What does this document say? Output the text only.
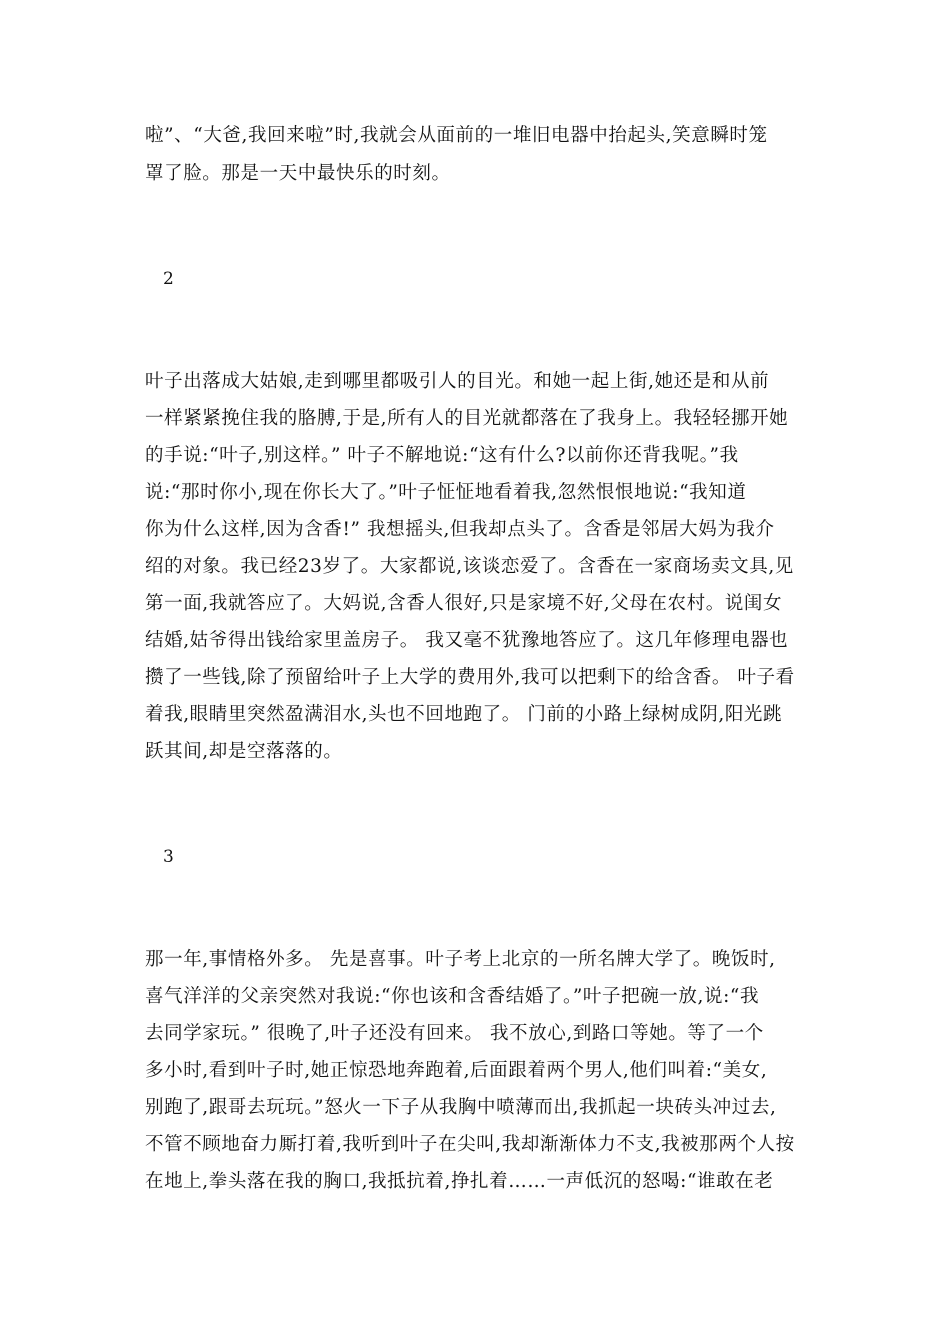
啦”、“大爸,我回来啦”时,我就会从面前的一堆旧电器中抬起头,笑意瞬时笼
罩了脸。那是一天中最快乐的时刻。
2
叶子出落成大姑娘,走到哪里都吸引人的目光。和她一起上街,她还是和从前
一样紧紧挽住我的胳膊,于是,所有人的目光就都落在了我身上。我轻轻挪开她
的手说:“叶子,别这样。” 叶子不解地说:“这有什么?以前你还背我呢。”我
说:“那时你小,现在你长大了。”叶子怔怔地看着我,忽然恨恨地说:“我知道
你为什么这样,因为含香!” 我想摇头,但我却点头了。含香是邻居大妈为我介
绍的对象。我已经23岁了。大家都说,该谈恋爱了。含香在一家商场卖文具,见
第一面,我就答应了。大妈说,含香人很好,只是家境不好,父母在农村。说闺女
结婚,姑爷得出钱给家里盖房子。 我又毫不犹豫地答应了。这几年修理电器也
攒了一些钱,除了预留给叶子上大学的费用外,我可以把剩下的给含香。 叶子看
着我,眼睛里突然盈满泪水,头也不回地跑了。 门前的小路上绿树成阴,阳光跳
跃其间,却是空落落的。
3
那一年,事情格外多。 先是喜事。叶子考上北京的一所名牌大学了。晚饭时,
喜气洋洋的父亲突然对我说:“你也该和含香结婚了。”叶子把碗一放,说:“我
去同学家玩。” 很晚了,叶子还没有回来。 我不放心,到路口等她。等了一个
多小时,看到叶子时,她正惊恐地奔跑着,后面跟着两个男人,他们叫着:“美女,
别跑了,跟哥去玩玩。”怒火一下子从我胸中喷薄而出,我抓起一块砖头冲过去,
不管不顾地奋力厮打着,我听到叶子在尖叫,我却渐渐体力不支,我被那两个人按
在地上,拳头落在我的胸口,我抵抗着,挣扎着……一声低沉的怒喝:“谁敢在老
